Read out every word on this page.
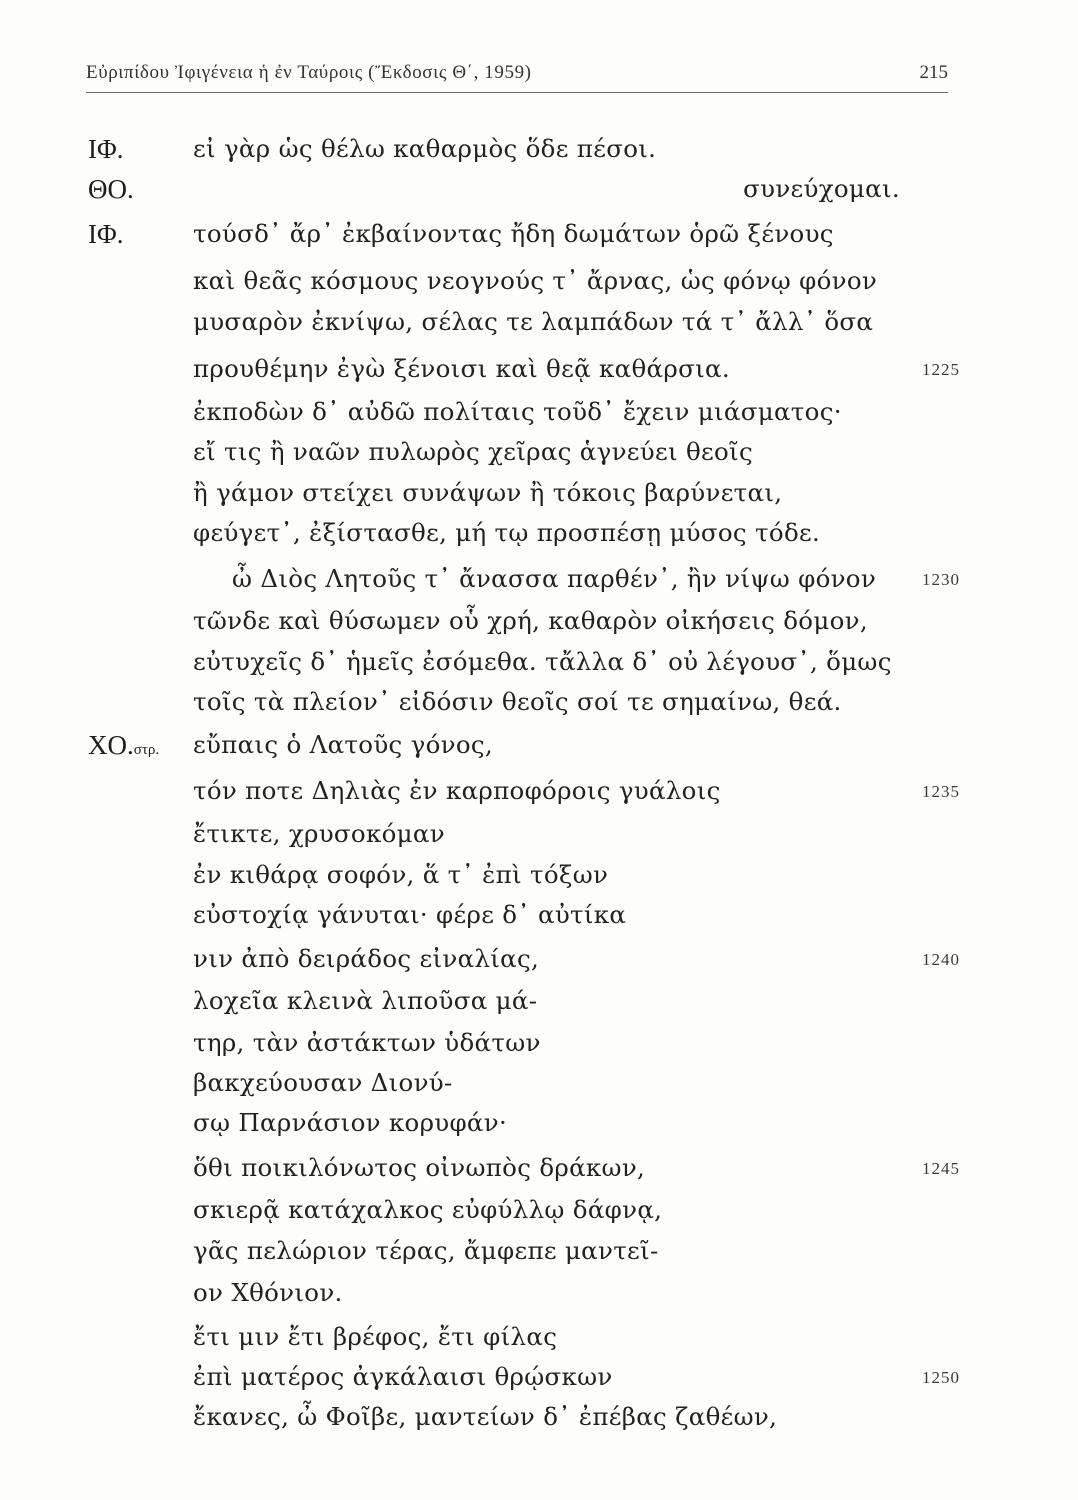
Εὐριπίδου Ἰφιγένεια ἡ ἐν Ταύροις (Ἔκδοσις Θ΄, 1959)	215
ΙΦ.	εἰ γὰρ ὡς θέλω καθαρμὸς ὅδε πέσοι.
ΘΟ.	συνεύχομαι.
ΙΦ.	τούσδ᾽ ἄρ᾽ ἐκβαίνοντας ἤδη δωμάτων ὁρῶ ξένους
καὶ θεᾶς κόσμους νεογνούς τ᾽ ἄρνας, ὡς φόνῳ φόνον
μυσαρὸν ἐκνίψω, σέλας τε λαμπάδων τά τ᾽ ἄλλ᾽ ὅσα
προυθέμην ἐγὼ ξένοισι καὶ θεᾷ καθάρσια.	1225
ἐκποδὼν δ᾽ αὐδῶ πολίταις τοῦδ᾽ ἔχειν μιάσματος·
εἴ τις ἢ ναῶν πυλωρὸς χεῖρας ἁγνεύει θεοῖς
ἢ γάμον στείχει συνάψων ἢ τόκοις βαρύνεται,
φεύγετ᾽, ἐξίστασθε, μή τῳ προσπέσῃ μύσος τόδε.
ὦ Διὸς Λητοῦς τ᾽ ἄνασσα παρθέν᾽, ἢν νίψω φόνον	1230
τῶνδε καὶ θύσωμεν οὗ χρή, καθαρὸν οἰκήσεις δόμον,
εὐτυχεῖς δ᾽ ἡμεῖς ἐσόμεθα. τἄλλα δ᾽ οὐ λέγουσ᾽, ὅμως
τοῖς τὰ πλείον᾽ εἰδόσιν θεοῖς σοί τε σημαίνω, θεά.
ΧΟ.στρ. εὔπαις ὁ Λατοῦς γόνος,
τόν ποτε Δηλιὰς ἐν καρποφόροις γυάλοις	1235
ἔτικτε, χρυσοκόμαν
ἐν κιθάρᾳ σοφόν, ἅ τ᾽ ἐπὶ τόξων
εὐστοχίᾳ γάνυται· φέρε δ᾽ αὐτίκα
νιν ἀπὸ δειράδος εἰναλίας,	1240
λοχεῖα κλεινὰ λιποῦσα μά-
τηρ, τὰν ἀστάκτων ὑδάτων
βακχεύουσαν Διονύ-
σῳ Παρνάσιον κορυφάν·
ὅθι ποικιλόνωτος οἰνωπὸς δράκων,	1245
σκιερᾷ κατάχαλκος εὐφύλλῳ δάφνᾳ,
γᾶς πελώριον τέρας, ἄμφεπε μαντεῖ-
ον Χθόνιον.
ἔτι μιν ἔτι βρέφος, ἔτι φίλας
ἐπὶ ματέρος ἀγκάλαισι θρῴσκων	1250
ἔκανες, ὦ Φοῖβε, μαντείων δ᾽ ἐπέβας ζαθέων,
